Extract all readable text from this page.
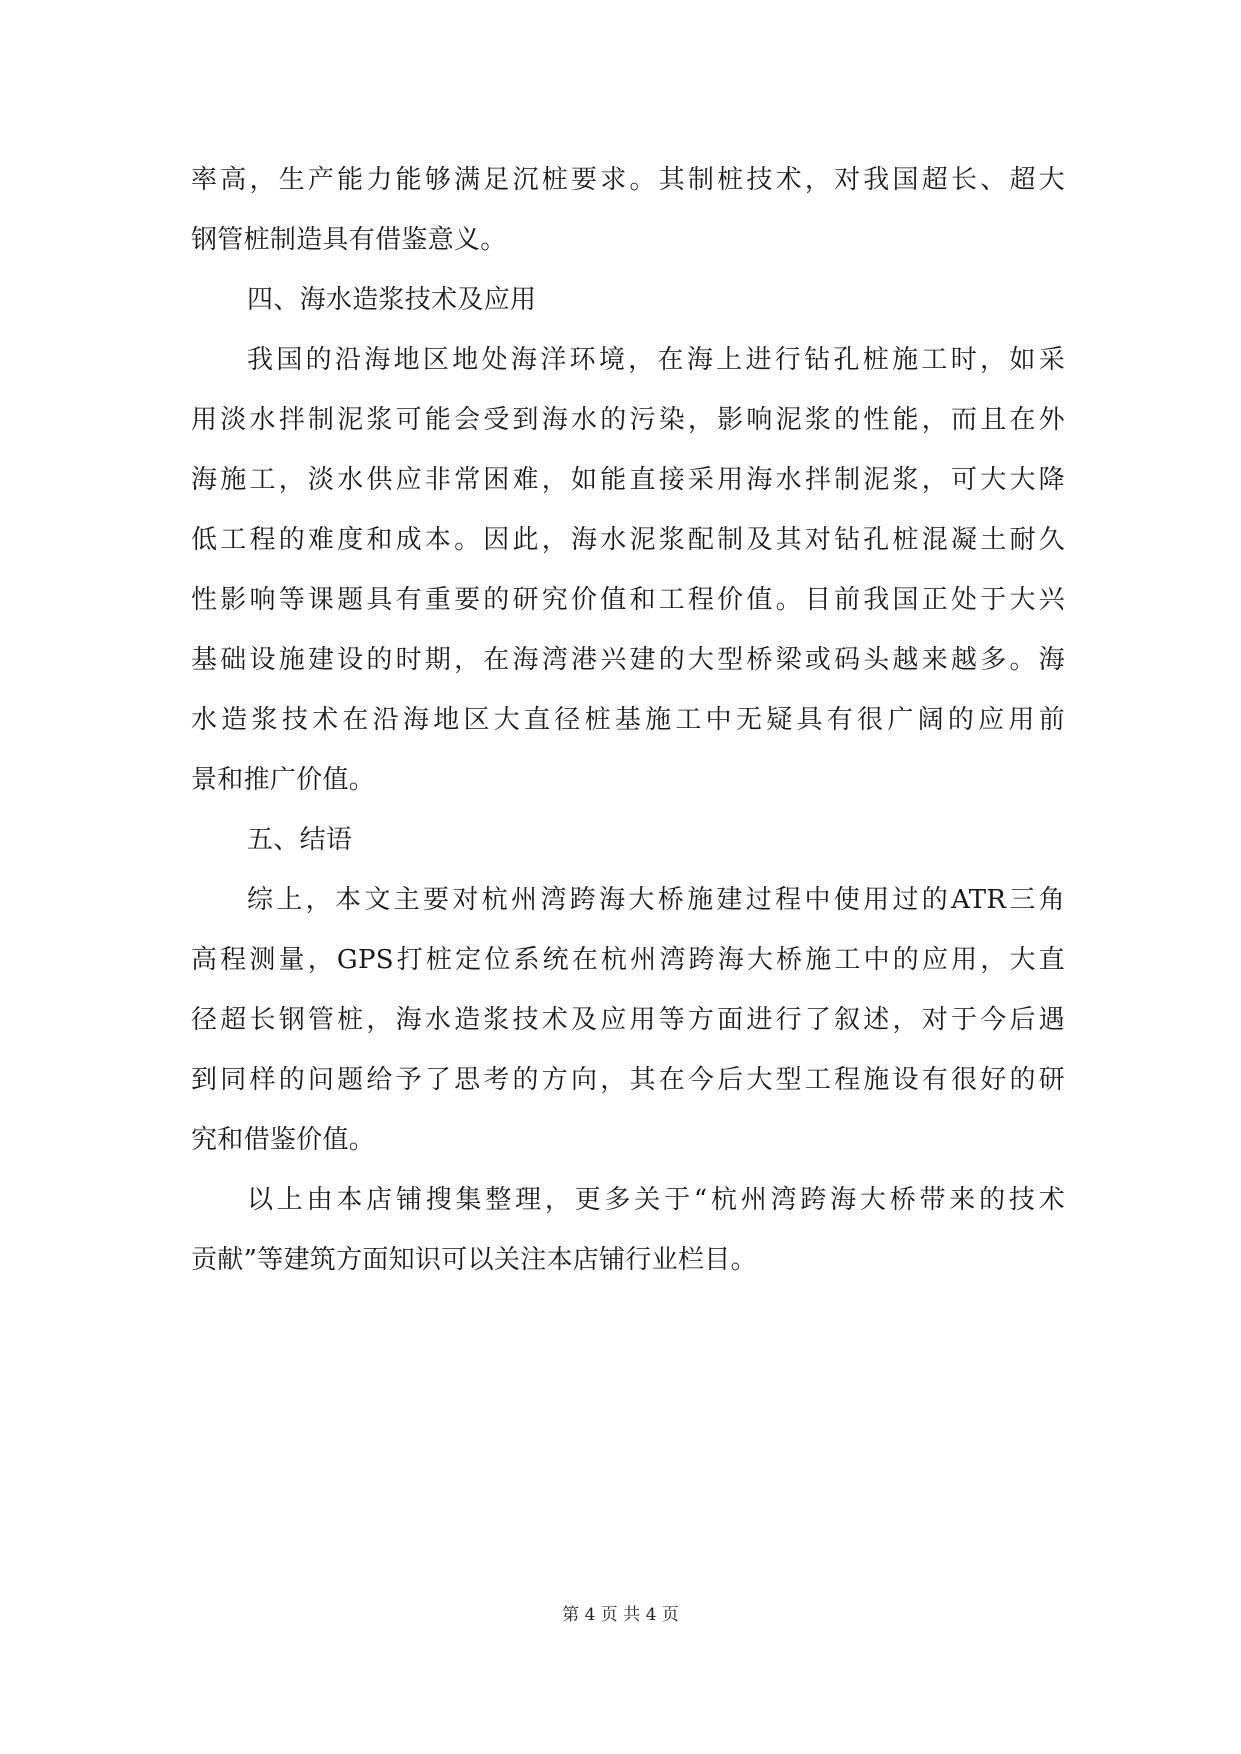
率高，生产能力能够满足沉桩要求。其制桩技术，对我国超长、超大
钢管桩制造具有借鉴意义。
四、海水造浆技术及应用
我国的沿海地区地处海洋环境，在海上进行钻孔桩施工时，如采
用淡水拌制泥浆可能会受到海水的污染，影响泥浆的性能，而且在外
海施工，淡水供应非常困难，如能直接采用海水拌制泥浆，可大大降
低工程的难度和成本。因此，海水泥浆配制及其对钻孔桩混凝土耐久
性影响等课题具有重要的研究价值和工程价值。目前我国正处于大兴
基础设施建设的时期，在海湾港兴建的大型桥梁或码头越来越多。海
水造浆技术在沿海地区大直径桩基施工中无疑具有很广阔的应用前
景和推广价值。
五、结语
综上，本文主要对杭州湾跨海大桥施建过程中使用过的ATR三角
高程测量，GPS打桩定位系统在杭州湾跨海大桥施工中的应用，大直
径超长钢管桩，海水造浆技术及应用等方面进行了叙述，对于今后遇
到同样的问题给予了思考的方向，其在今后大型工程施设有很好的研
究和借鉴价值。
以上由本店铺搜集整理，更多关于“杭州湾跨海大桥带来的技术
贡献”等建筑方面知识可以关注本店铺行业栏目。
第 4 页 共 4 页
